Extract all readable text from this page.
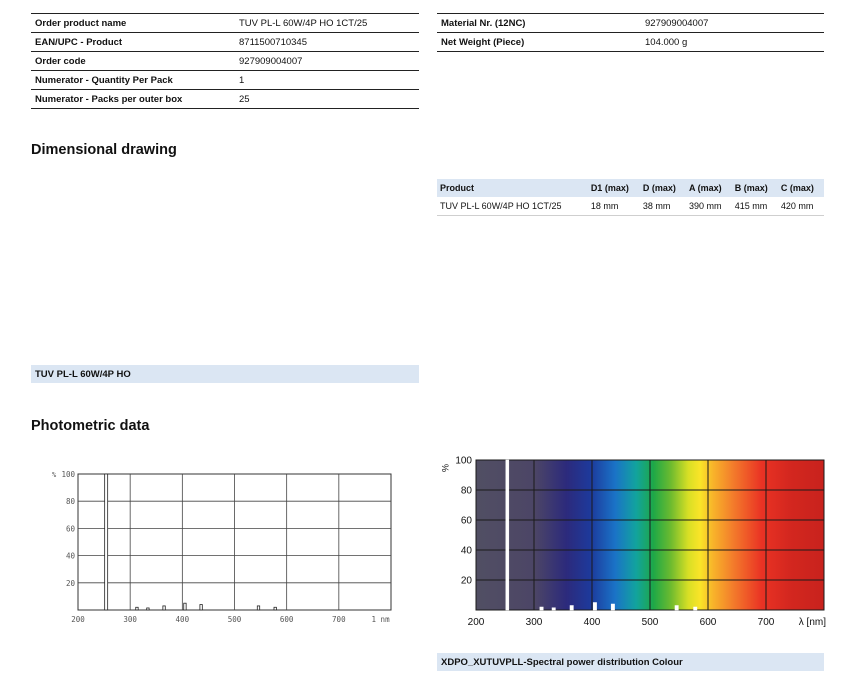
Order product name	TUV PL-L 60W/4P HO 1CT/25
EAN/UPC - Product	8711500710345
Order code	927909004007
Numerator - Quantity Per Pack	1
Numerator - Packs per outer box	25
Material Nr. (12NC)	927909004007
Net Weight (Piece)	104.000 g
Dimensional drawing
Product	D1 (max)	D (max)	A (max)	B (max)	C (max)
TUV PL-L 60W/4P HO 1CT/25	18 mm	38 mm	390 mm	415 mm	420 mm
TUV PL-L 60W/4P HO
Photometric data
20
40
60
80
100
%
200	300	400	500	600	700	1 nm
20
40
60
80
100
%
200	300	400	500	600	700 λ [nm]
XDPO_XUTUVPLL-Spectral power distribution Colour
